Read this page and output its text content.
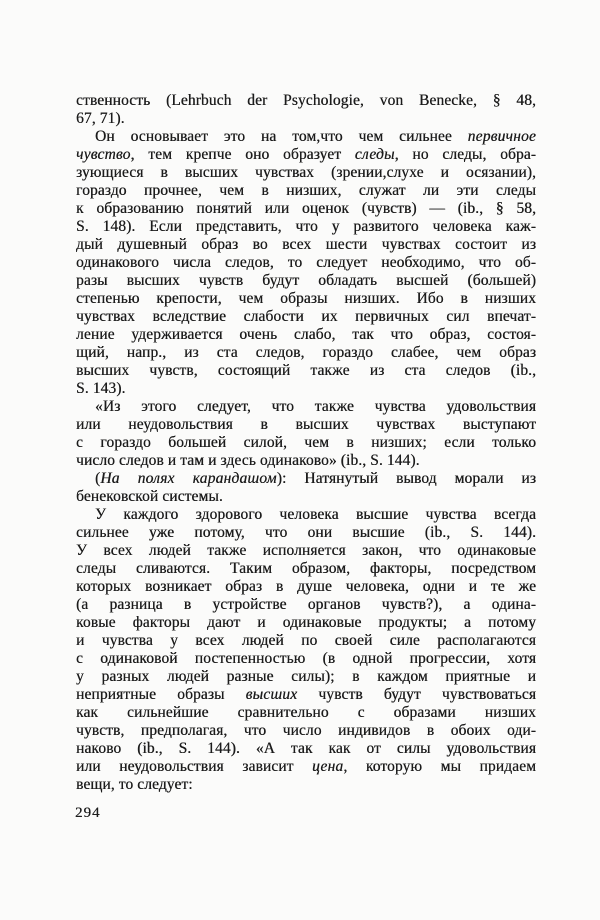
ственность (Lehrbuch der Psychologie, von Benecke, § 48,
67, 71).
Он основывает это на том,что чем сильнее первичное
чувство, тем крепче оно образует следы, но следы, обра-
зующиеся в высших чувствах (зрении,слухе и осязании),
гораздо прочнее, чем в низших, служат ли эти следы
к образованию понятий или оценок (чувств) — (ib., § 58,
S. 148). Если представить, что у развитого человека каж-
дый душевный образ во всех шести чувствах состоит из
одинакового числа следов, то следует необходимо, что об-
разы высших чувств будут обладать высшей (большей)
степенью крепости, чем образы низших. Ибо в низших
чувствах вследствие слабости их первичных сил впечат-
ление удерживается очень слабо, так что образ, состоя-
щий, напр., из ста следов, гораздо слабее, чем образ
высших чувств, состоящий также из ста следов (ib.,
S. 143).
«Из этого следует, что также чувства удовольствия
или неудовольствия в высших чувствах выступают
с гораздо большей силой, чем в низших; если только
число следов и там и здесь одинаково» (ib., S. 144).
(На полях карандашом): Натянутый вывод морали из
бенековской системы.
У каждого здорового человека высшие чувства всегда
сильнее уже потому, что они высшие (ib., S. 144).
У всех людей также исполняется закон, что одинаковые
следы сливаются. Таким образом, факторы, посредством
которых возникает образ в душе человека, одни и те же
(а разница в устройстве органов чувств?), а одина-
ковые факторы дают и одинаковые продукты; а потому
и чувства у всех людей по своей силе располагаются
с одинаковой постепенностью (в одной прогрессии, хотя
у разных людей разные силы); в каждом приятные и
неприятные образы высших чувств будут чувствоваться
как сильнейшие сравнительно с образами низших
чувств, предполагая, что число индивидов в обоих оди-
наково (ib., S. 144). «А так как от силы удовольствия
или неудовольствия зависит цена, которую мы придаем
вещи, то следует:
294
